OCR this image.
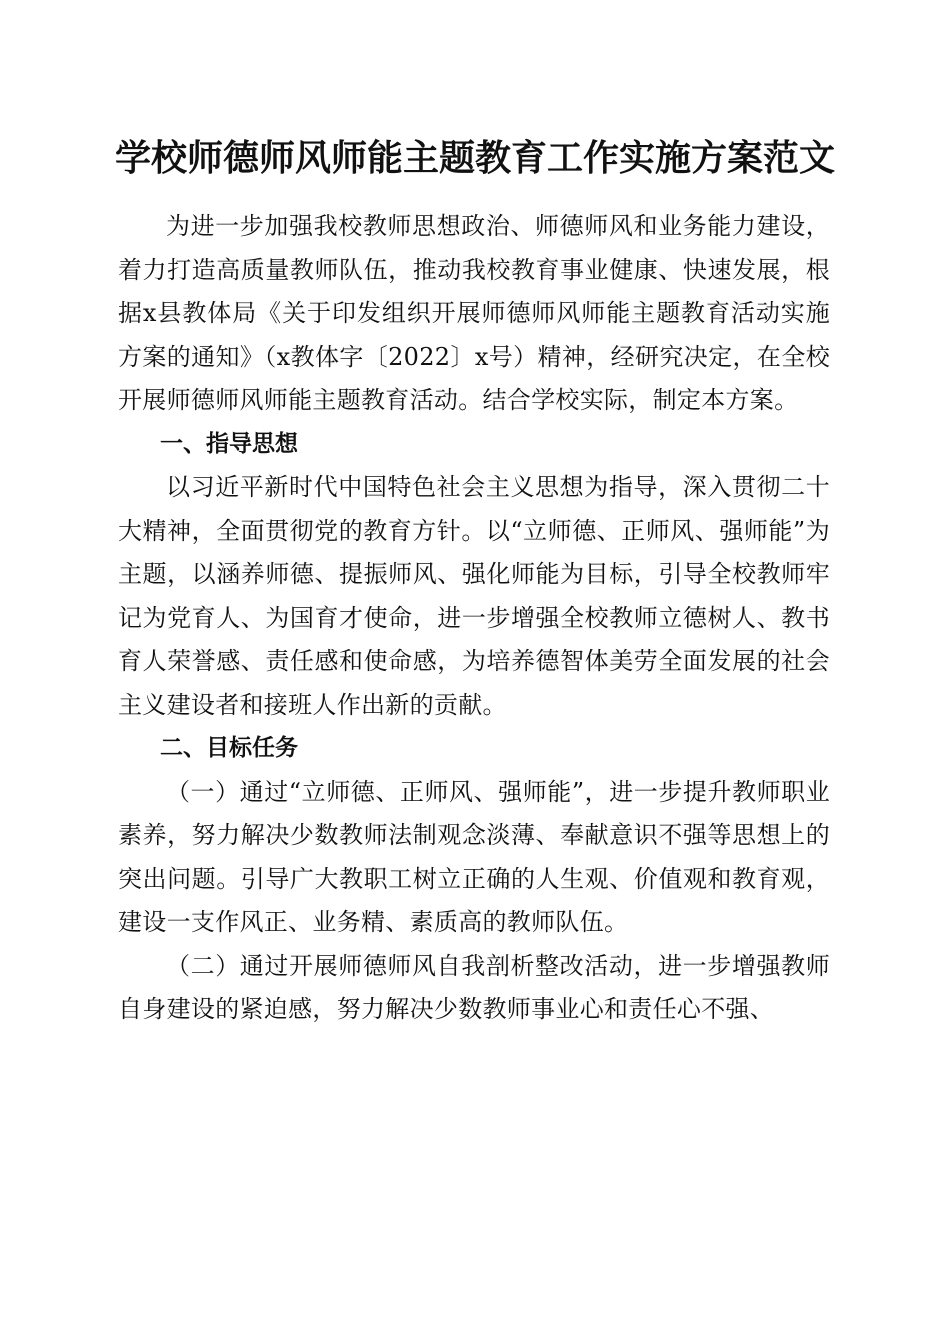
学校师德师风师能主题教育工作实施方案范文

为进一步加强我校教师思想政治、师德师风和业务能力建设，着力打造高质量教师队伍，推动我校教育事业健康、快速发展，根据x县教体局《关于印发组织开展师德师风师能主题教育活动实施方案的通知》（x教体字〔2022〕x号）精神，经研究决定，在全校开展师德师风师能主题教育活动。结合学校实际，制定本方案。

一、指导思想

以习近平新时代中国特色社会主义思想为指导，深入贯彻二十大精神，全面贯彻党的教育方针。以“立师德、正师风、强师能”为主题，以涵养师德、提振师风、强化师能为目标，引导全校教师牢记为党育人、为国育才使命，进一步增强全校教师立德树人、教书育人荣誉感、责任感和使命感，为培养德智体美劳全面发展的社会主义建设者和接班人作出新的贡献。

二、目标任务

（一）通过“立师德、正师风、强师能”，进一步提升教师职业素养，努力解决少数教师法制观念淡薄、奉献意识不强等思想上的突出问题。引导广大教职工树立正确的人生观、价值观和教育观，建设一支作风正、业务精、素质高的教师队伍。

（二）通过开展师德师风自我剖析整改活动，进一步增强教师自身建设的紧迫感，努力解决少数教师事业心和责任心不强、
